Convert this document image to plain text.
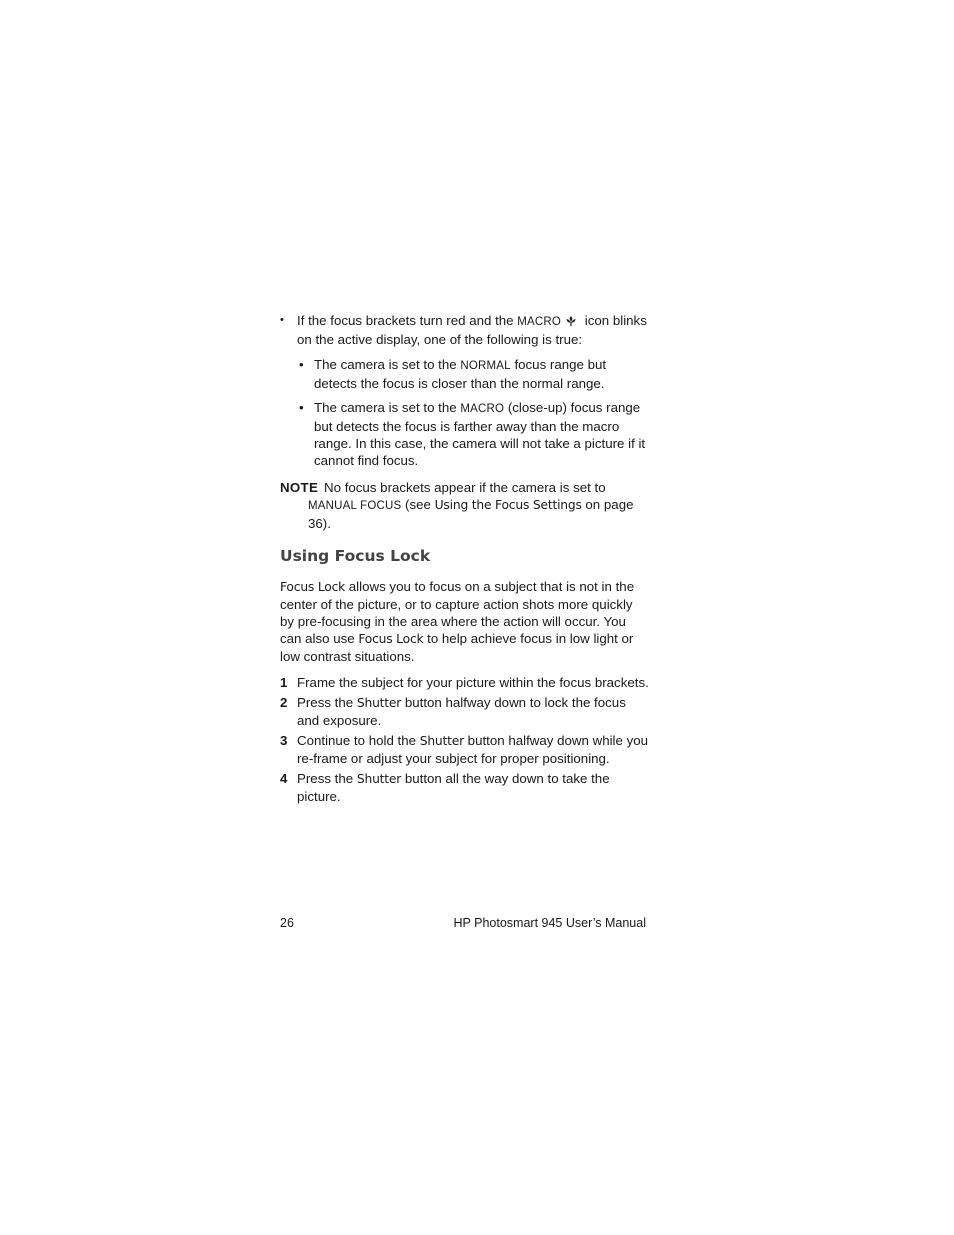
• If the focus brackets turn red and the MACRO icon blinks on the active display, one of the following is true:

• The camera is set to the NORMAL focus range but detects the focus is closer than the normal range.

• The camera is set to the MACRO (close-up) focus range but detects the focus is farther away than the macro range. In this case, the camera will not take a picture if it cannot find focus.

NOTE No focus brackets appear if the camera is set to MANUAL FOCUS (see Using the Focus Settings on page 36).
Using Focus Lock

Focus Lock allows you to focus on a subject that is not in the center of the picture, or to capture action shots more quickly by pre-focusing in the area where the action will occur. You can also use Focus Lock to help achieve focus in low light or low contrast situations.

1 Frame the subject for your picture within the focus brackets.
2 Press the Shutter button halfway down to lock the focus and exposure.
3 Continue to hold the Shutter button halfway down while you re-frame or adjust your subject for proper positioning.
4 Press the Shutter button all the way down to take the picture.
26	HP Photosmart 945 User’s Manual
